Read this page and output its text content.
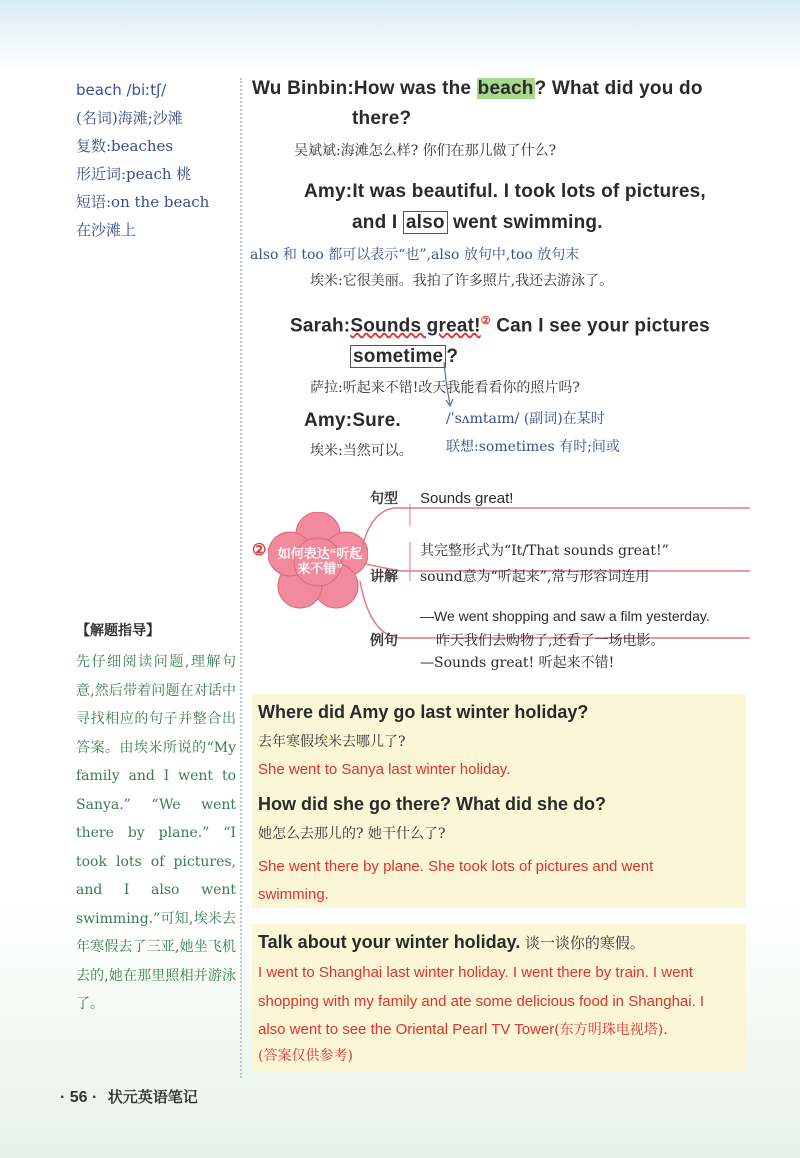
beach /biːtʃ/
(名词)海滩;沙滩
复数:beaches
形近词:peach 桃
短语:on the beach
在沙滩上
Wu Binbin:How was the beach? What did you do
there?
吴斌斌:海滩怎么样? 你们在那儿做了什么?
Amy:It was beautiful. I took lots of pictures,
and I also went swimming.
also 和 too 都可以表示“也”,also 放句中,too 放句末
埃米:它很美丽。我拍了许多照片,我还去游泳了。
Sarah:Sounds great!② Can I see your pictures
sometime ?
萨拉:听起来不错!改天我能看看你的照片吗?
/ˈsʌmtaɪm/ (副词)在某时
联想:sometimes 有时;间或
Amy:Sure.
埃米:当然可以。
② 如何表达“听起来不错”
句型 Sounds great!
讲解
其完整形式为“It/That sounds great!”
sound意为“听起来”,常与形容词连用
例句
—We went shopping and saw a film yesterday.
昨天我们去购物了,还看了一场电影。
—Sounds great! 听起来不错!
【解题指导】
先仔细阅读问题,理解句意,然后带着问题在对话中寻找相应的句子并整合出答案。由埃米所说的“My family and I went to Sanya.” “We went there by plane.” “I took lots of pictures, and I also went swimming.”可知,埃米去年寒假去了三亚,她坐飞机去的,她在那里照相并游泳了。
Where did Amy go last winter holiday?
去年寒假埃米去哪儿了?
She went to Sanya last winter holiday.
How did she go there? What did she do?
她怎么去那儿的? 她干什么了?
She went there by plane. She took lots of pictures and went
swimming.
Talk about your winter holiday. 谈一谈你的寒假。
I went to Shanghai last winter holiday. I went there by train. I went
shopping with my family and ate some delicious food in Shanghai. I
also went to see the Oriental Pearl TV Tower(东方明珠电视塔).
(答案仅供参考)
· 56 · 状元英语笔记
